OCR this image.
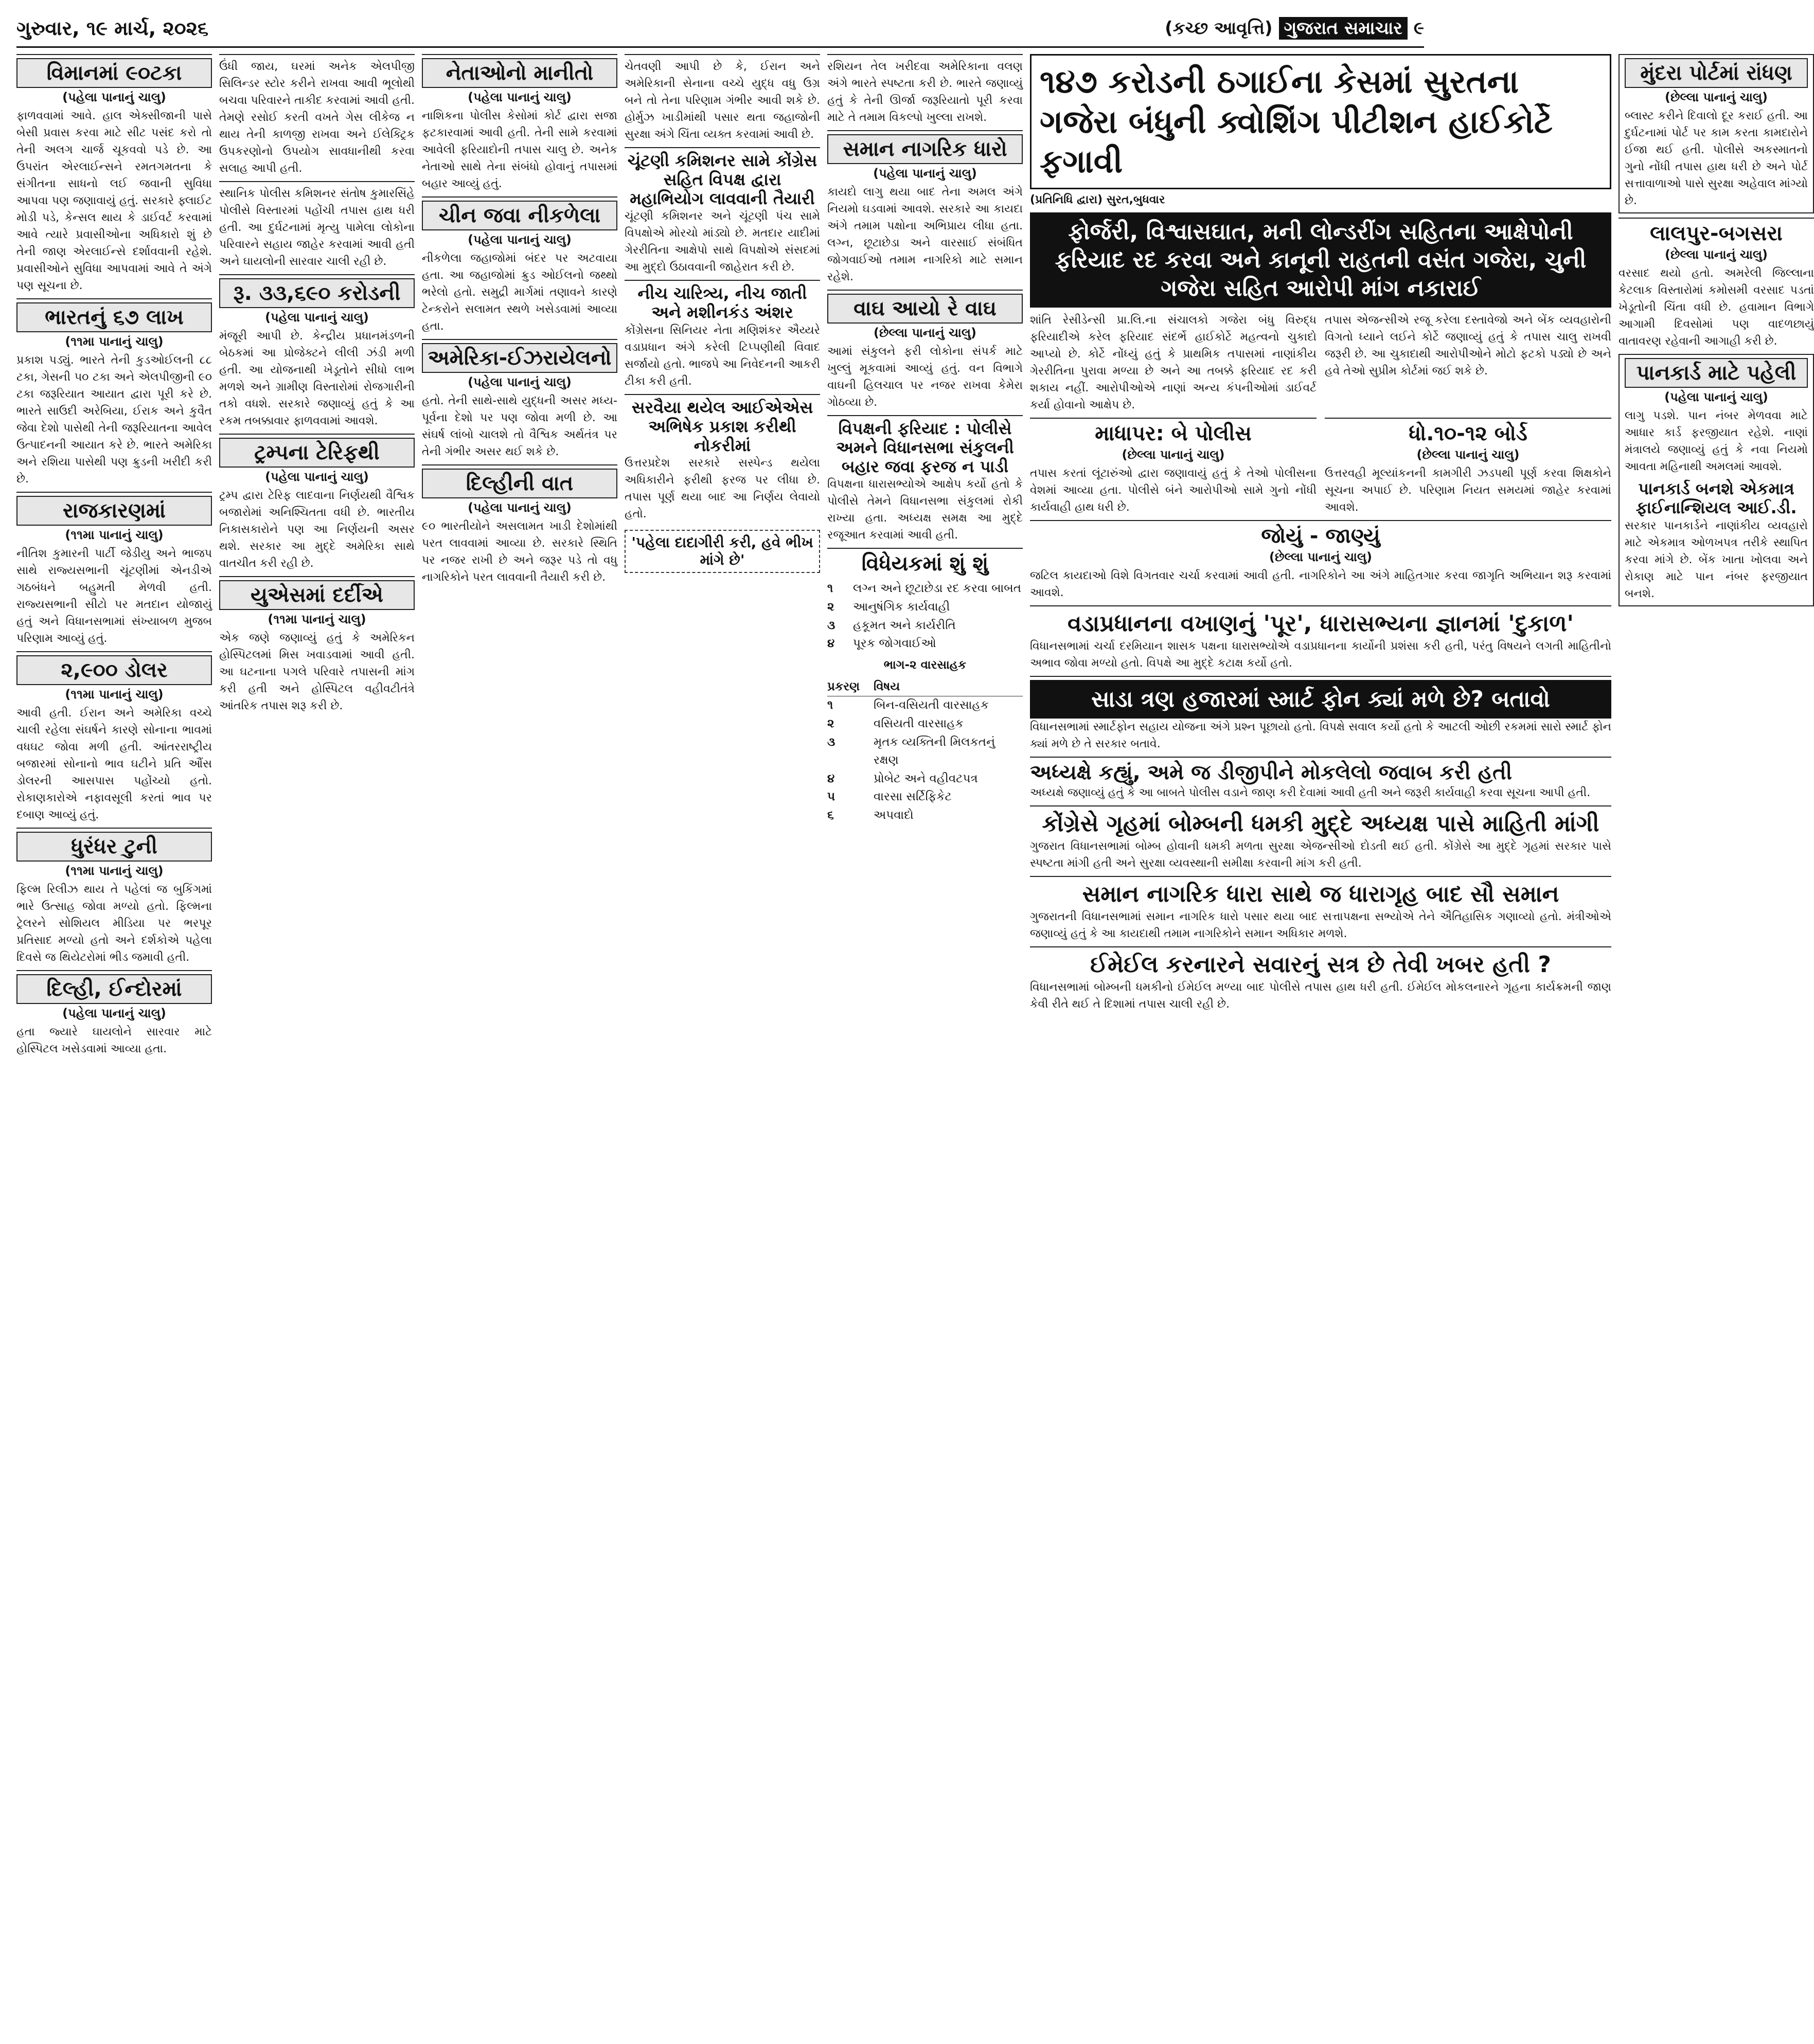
ગુરુવાર, ૧૯ માર્ચ, ૨૦૨૬	(કચ્છ આવૃત્તિ) ગુજરાત સમાચાર ૯
વિમાનમાં ૯૦ટકા
(પહેલા પાનાનું ચાલુ)
ફાળવવામાં આવે. હાલ એક્સીજાની પાસે બેસી પ્રવાસ કરવા માટે સીટ પસંદ કરો તો તેની અલગ ચાર્જ ચૂકવવો પડે છે. આ ઉપરાંત એરલાઈન્સને રમતગમતના કે સંગીતના સાધનો લઈ જવાની સુવિધા આપવા પણ જણાવાયું હતું. સરકારે ફ્લાઈટ મોડી પડે, કેન્સલ થાય કે ડાઈવર્ટ કરવામાં આવે ત્યારે પ્રવાસીઓના અધિકારો શું છે તેની જાણ એરલાઈન્સે દર્શાવવાની રહેશે. પ્રવાસીઓને સુવિધા આપવામાં આવે તે અંગે પણ સૂચના છે.
ભારતનું ૬૭ લાખ
(૧૧મા પાનાનું ચાલુ)
પ્રકાશ પડ્યું. ભારતે તેની કુડઓઈલની ૮૮ ટકા, ગેસની ૫૦ ટકા અને એલપીજીની ૯૦ ટકા જરૂરિયાત આયાત દ્વારા પૂરી કરે છે. ભારતે સાઉદી અરેબિયા, ઈરાક અને કુવૈત જેવા દેશો પાસેથી તેની જરૂરિયાતના આવેલ ઉત્પાદનની આયાત કરે છે. ભારતે અમેરિકા અને રશિયા પાસેથી પણ ક્રુડની ખરીદી કરી છે.
રાજકારણમાં
(૧૧મા પાનાનું ચાલુ)
નીતિશ કુમારની પાર્ટી જેડીયુ અને ભાજપ સાથે રાજ્યસભાની ચૂંટણીમાં એનડીએ ગઠબંધને બહુમતી મેળવી હતી. રાજ્યસભાની સીટો પર મતદાન યોજાયું હતું અને વિધાનસભામાં સંખ્યાબળ મુજબ પરિણામ આવ્યું હતું.
૨,૯૦૦ ડોલર
(૧૧મા પાનાનું ચાલુ)
આવી હતી. ઈરાન અને અમેરિકા વચ્ચે ચાલી રહેલા સંઘર્ષને કારણે સોનાના ભાવમાં વધઘટ જોવા મળી હતી. આંતરરાષ્ટ્રીય બજારમાં સોનાનો ભાવ ઘટીને પ્રતિ ઔંસ ડોલરની આસપાસ પહોંચ્યો હતો. રોકાણકારોએ નફાવસૂલી કરતાં ભાવ પર દબાણ આવ્યું હતું.
ધુરંધર ટુની
(૧૧મા પાનાનું ચાલુ)
ફિલ્મ રિલીઝ થાય તે પહેલાં જ બુકિંગમાં ભારે ઉત્સાહ જોવા મળ્યો હતો. ફિલ્મના ટ્રેલરને સોશિયલ મીડિયા પર ભરપૂર પ્રતિસાદ મળ્યો હતો અને દર્શકોએ પહેલા દિવસે જ થિયેટરોમાં ભીડ જમાવી હતી.
દિલ્હી, ઈન્દોરમાં
(પહેલા પાનાનું ચાલુ)
હતા જ્યારે ઘાયલોને સારવાર માટે હોસ્પિટલ ખસેડવામાં આવ્યા હતા.
ઉંધી જાય, ઘરમાં અનેક એલપીજી સિલિન્ડર સ્ટોર કરીને રાખવા આવી ભૂલોથી બચવા પરિવારને તાકીદ કરવામાં આવી હતી. તેમણે રસોઈ કરતી વખતે ગેસ લીકેજ ન થાય તેની કાળજી રાખવા અને ઈલેક્ટ્રિક ઉપકરણોનો ઉપયોગ સાવધાનીથી કરવા સલાહ આપી હતી.
સ્થાનિક પોલીસ કમિશનર સંતોષ કુમારસિંહે પોલીસે વિસ્તારમાં પહોંચી તપાસ હાથ ધરી હતી. આ દુર્ઘટનામાં મૃત્યુ પામેલા લોકોના પરિવારને સહાય જાહેર કરવામાં આવી હતી અને ઘાયલોની સારવાર ચાલી રહી છે.
રૂ. ૩૩,૬૯૦ કરોડની
(પહેલા પાનાનું ચાલુ)
મંજૂરી આપી છે. કેન્દ્રીય પ્રધાનમંડળની બેઠકમાં આ પ્રોજેક્ટને લીલી ઝંડી મળી હતી. આ યોજનાથી ખેડૂતોને સીધો લાભ મળશે અને ગ્રામીણ વિસ્તારોમાં રોજગારીની તકો વધશે. સરકારે જણાવ્યું હતું કે આ રકમ તબક્કાવાર ફાળવવામાં આવશે.
ટ્રમ્પના ટેરિફથી
(પહેલા પાનાનું ચાલુ)
ટ્રમ્પ દ્વારા ટેરિફ લાદવાના નિર્ણયથી વૈશ્વિક બજારોમાં અનિશ્ચિતતા વધી છે. ભારતીય નિકાસકારોને પણ આ નિર્ણયની અસર થશે. સરકાર આ મુદ્દે અમેરિકા સાથે વાતચીત કરી રહી છે.
યુએસમાં દર્દીએ
(૧૧મા પાનાનું ચાલુ)
એક જણે જણાવ્યું હતું કે અમેરિકન હોસ્પિટલમાં મિસ ખવાડવામાં આવી હતી. આ ઘટનાના પગલે પરિવારે તપાસની માંગ કરી હતી અને હોસ્પિટલ વહીવટીતંત્રે આંતરિક તપાસ શરૂ કરી છે.
નેતાઓનો માનીતો
(પહેલા પાનાનું ચાલુ)
નાશિકના પોલીસ કેસોમાં કોર્ટ દ્વારા સજા ફટકારવામાં આવી હતી. તેની સામે કરવામાં આવેલી ફરિયાદોની તપાસ ચાલુ છે. અનેક નેતાઓ સાથે તેના સંબંધો હોવાનું તપાસમાં બહાર આવ્યું હતું.
ચીન જવા નીકળેલા
(પહેલા પાનાનું ચાલુ)
નીકળેલા જહાજોમાં બંદર પર અટવાયા હતા. આ જહાજોમાં ક્રુડ ઓઈલનો જથ્થો ભરેલો હતો. સમુદ્રી માર્ગમાં તણાવને કારણે ટેન્કરોને સલામત સ્થળે ખસેડવામાં આવ્યા હતા.
અમેરિકા-ઈઝરાયેલનો
(પહેલા પાનાનું ચાલુ)
હતો. તેની સાથે-સાથે યુદ્ધની અસર મધ્ય-પૂર્વના દેશો પર પણ જોવા મળી છે. આ સંઘર્ષ લાંબો ચાલશે તો વૈશ્વિક અર્થતંત્ર પર તેની ગંભીર અસર થઈ શકે છે.
દિલ્હીની વાત
(પહેલા પાનાનું ચાલુ)
૯૦ ભારતીયોને અસલામત ખાડી દેશોમાંથી પરત લાવવામાં આવ્યા છે. સરકારે સ્થિતિ પર નજર રાખી છે અને જરૂર પડે તો વધુ નાગરિકોને પરત લાવવાની તૈયારી કરી છે.
ચેતવણી આપી છે કે, ઈરાન અને અમેરિકાની સેનાના વચ્ચે યુદ્ધ વધુ ઉગ્ર બને તો તેના પરિણામ ગંભીર આવી શકે છે. હોર્મુઝ ખાડીમાંથી પસાર થતા જહાજોની સુરક્ષા અંગે ચિંતા વ્યક્ત કરવામાં આવી છે.
ચૂંટણી કમિશનર સામે કોંગ્રેસ સહિત વિપક્ષ દ્વારા મહાભિયોગ લાવવાની તૈયારી
ચૂંટણી કમિશનર અને ચૂંટણી પંચ સામે વિપક્ષોએ મોરચો માંડ્યો છે. મતદાર યાદીમાં ગેરરીતિના આક્ષેપો સાથે વિપક્ષોએ સંસદમાં આ મુદ્દો ઉઠાવવાની જાહેરાત કરી છે.
નીચ ચારિત્ર્ય, નીચ જાતી અને મશીનકંડ અંશર
કોંગ્રેસના સિનિયર નેતા મણિશંકર ઐય્યરે વડાપ્રધાન અંગે કરેલી ટિપ્પણીથી વિવાદ સર્જાયો હતો. ભાજપે આ નિવેદનની આકરી ટીકા કરી હતી.
સરવૈયા થયેલ આઈએએસ અભિષેક પ્રકાશ કરીથી નોકરીમાં
ઉત્તરપ્રદેશ સરકારે સસ્પેન્ડ થયેલા અધિકારીને ફરીથી ફરજ પર લીધા છે. તપાસ પૂર્ણ થયા બાદ આ નિર્ણય લેવાયો હતો.
'પહેલા દાદાગીરી કરી, હવે ભીખ માંગે છે'
રશિયન તેલ ખરીદવા અમેરિકાના વલણ અંગે ભારતે સ્પષ્ટતા કરી છે. ભારતે જણાવ્યું હતું કે તેની ઊર્જા જરૂરિયાતો પૂરી કરવા માટે તે તમામ વિકલ્પો ખુલ્લા રાખશે.
સમાન નાગરિક ધારો
(પહેલા પાનાનું ચાલુ)
કાયદો લાગુ થયા બાદ તેના અમલ અંગે નિયમો ઘડવામાં આવશે. સરકારે આ કાયદા અંગે તમામ પક્ષોના અભિપ્રાય લીધા હતા. લગ્ન, છૂટાછેડા અને વારસાઈ સંબંધિત જોગવાઈઓ તમામ નાગરિકો માટે સમાન રહેશે.
વાઘ આયો રે વાઘ
(છેલ્લા પાનાનું ચાલુ)
આમાં સંકુલને ફરી લોકોના સંપર્ક માટે ખુલ્લું મૂકવામાં આવ્યું હતું. વન વિભાગે વાઘની હિલચાલ પર નજર રાખવા કેમેરા ગોઠવ્યા છે.
વિપક્ષની ફરિયાદ : પોલીસે અમને વિધાનસભા સંકુલની બહાર જવા ફરજ ન પાડી
વિપક્ષના ધારાસભ્યોએ આક્ષેપ કર્યો હતો કે પોલીસે તેમને વિધાનસભા સંકુલમાં રોકી રાખ્યા હતા. અધ્યક્ષ સમક્ષ આ મુદ્દે રજૂઆત કરવામાં આવી હતી.
વિધેયકમાં શું શું
૧	લગ્ન અને છૂટાછેડા રદ કરવા બાબત
૨	આનુષંગિક કાર્યવાહી
૩	હકૂમત અને કાર્યરીતિ
૪	પૂરક જોગવાઈઓ
ભાગ-૨ વારસાહક
પ્રકરણ	વિષય
૧	બિન-વસિયતી વારસાહક
૨	વસિયતી વારસાહક
૩	મૃતક વ્યક્તિની મિલકતનું રક્ષણ
૪	પ્રોબેટ અને વહીવટપત્ર
૫	વારસા સર્ટિફિકેટ
૬	અપવાદો
૧૪૭ કરોડની ઠગાઈના કેસમાં સુરતના ગજેરા બંધુની ક્વોશિંગ પીટીશન હાઈકોર્ટે ફગાવી
(પ્રતિનિધિ દ્વારા) સુરત,બુધવાર
ફોર્જરી, વિશ્વાસઘાત, મની લોન્ડરીંગ સહિતના આક્ષેપોની ફરિયાદ રદ કરવા અને કાનૂની રાહતની વસંત ગજેરા, ચુની ગજેરા સહિત આરોપી માંગ નકારાઈ
શાંતિ રેસીડેન્સી પ્રા.લિ.ના સંચાલકો ગજેરા બંધુ વિરુદ્ધ ફરિયાદીએ કરેલ ફરિયાદ સંદર્ભે હાઈકોર્ટે મહત્વનો ચુકાદો આપ્યો છે. કોર્ટે નોંધ્યું હતું કે પ્રાથમિક તપાસમાં નાણાંકીય ગેરરીતિના પુરાવા મળ્યા છે અને આ તબક્કે ફરિયાદ રદ કરી શકાય નહીં. આરોપીઓએ નાણાં અન્ય કંપનીઓમાં ડાઈવર્ટ કર્યા હોવાનો આક્ષેપ છે.
તપાસ એજન્સીએ રજૂ કરેલા દસ્તાવેજો અને બેંક વ્યવહારોની વિગતો ધ્યાને લઈને કોર્ટે જણાવ્યું હતું કે તપાસ ચાલુ રાખવી જરૂરી છે. આ ચુકાદાથી આરોપીઓને મોટો ફટકો પડ્યો છે અને હવે તેઓ સુપ્રીમ કોર્ટમાં જઈ શકે છે.
માધાપર: બે પોલીસ
(છેલ્લા પાનાનું ચાલુ)
તપાસ કરતાં લૂંટારુંઓ દ્વારા જણાવાયું હતું કે તેઓ પોલીસના વેશમાં આવ્યા હતા. પોલીસે બંને આરોપીઓ સામે ગુનો નોંધી કાર્યવાહી હાથ ધરી છે.
ધો.૧૦-૧૨ બોર્ડ
(છેલ્લા પાનાનું ચાલુ)
ઉત્તરવહી મૂલ્યાંકનની કામગીરી ઝડપથી પૂર્ણ કરવા શિક્ષકોને સૂચના અપાઈ છે. પરિણામ નિયત સમયમાં જાહેર કરવામાં આવશે.
જોયું - જાણ્યું
(છેલ્લા પાનાનું ચાલુ)
જટિલ કાયદાઓ વિશે વિગતવાર ચર્ચા કરવામાં આવી હતી. નાગરિકોને આ અંગે માહિતગાર કરવા જાગૃતિ અભિયાન શરૂ કરવામાં આવશે.
વડાપ્રધાનના વખાણનું 'પૂર', ધારાસભ્યના જ્ઞાનમાં 'દુકાળ'
વિધાનસભામાં ચર્ચા દરમિયાન શાસક પક્ષના ધારાસભ્યોએ વડાપ્રધાનના કાર્યોની પ્રશંસા કરી હતી, પરંતુ વિષયને લગતી માહિતીનો અભાવ જોવા મળ્યો હતો. વિપક્ષે આ મુદ્દે કટાક્ષ કર્યો હતો.
સાડા ત્રણ હજારમાં સ્માર્ટ ફોન ક્યાં મળે છે? બતાવો
વિધાનસભામાં સ્માર્ટફોન સહાય યોજના અંગે પ્રશ્ન પૂછાયો હતો. વિપક્ષે સવાલ કર્યો હતો કે આટલી ઓછી રકમમાં સારો સ્માર્ટ ફોન ક્યાં મળે છે તે સરકાર બતાવે.
અધ્યક્ષે કહ્યું, અમે જ ડીજીપીને મોકલેલો જવાબ કરી હતી
અધ્યક્ષે જણાવ્યું હતું કે આ બાબતે પોલીસ વડાને જાણ કરી દેવામાં આવી હતી અને જરૂરી કાર્યવાહી કરવા સૂચના આપી હતી.
કોંગ્રેસે ગૃહમાં બોમ્બની ધમકી મુદ્દે અધ્યક્ષ પાસે માહિતી માંગી
ગુજરાત વિધાનસભામાં બોમ્બ હોવાની ધમકી મળતા સુરક્ષા એજન્સીઓ દોડતી થઈ હતી. કોંગ્રેસે આ મુદ્દે ગૃહમાં સરકાર પાસે સ્પષ્ટતા માંગી હતી અને સુરક્ષા વ્યવસ્થાની સમીક્ષા કરવાની માંગ કરી હતી.
સમાન નાગરિક ધારા સાથે જ ધારાગૃહ બાદ સૌ સમાન
ગુજરાતની વિધાનસભામાં સમાન નાગરિક ધારો પસાર થયા બાદ સત્તાપક્ષના સભ્યોએ તેને ઐતિહાસિક ગણાવ્યો હતો. મંત્રીઓએ જણાવ્યું હતું કે આ કાયદાથી તમામ નાગરિકોને સમાન અધિકાર મળશે.
ઈમેઈલ કરનારને સવારનું સત્ર છે તેવી ખબર હતી ?
વિધાનસભામાં બોમ્બની ધમકીનો ઈમેઈલ મળ્યા બાદ પોલીસે તપાસ હાથ ધરી હતી. ઈમેઈલ મોકલનારને ગૃહના કાર્યક્રમની જાણ કેવી રીતે થઈ તે દિશામાં તપાસ ચાલી રહી છે.
મુંદરા પોર્ટમાં રાંધણ
(છેલ્લા પાનાનું ચાલુ)
બ્લાસ્ટ કરીને દિવાલો દૂર કરાઈ હતી. આ દુર્ઘટનામાં પોર્ટ પર કામ કરતા કામદારોને ઈજા થઈ હતી. પોલીસે અકસ્માતનો ગુનો નોંધી તપાસ હાથ ધરી છે અને પોર્ટ સત્તાવાળાઓ પાસે સુરક્ષા અહેવાલ માંગ્યો છે.
લાલપુર-બગસરા
(છેલ્લા પાનાનું ચાલુ)
વરસાદ થયો હતો. અમરેલી જિલ્લાના કેટલાક વિસ્તારોમાં કમોસમી વરસાદ પડતાં ખેડૂતોની ચિંતા વધી છે. હવામાન વિભાગે આગામી દિવસોમાં પણ વાદળછાયું વાતાવરણ રહેવાની આગાહી કરી છે.
પાનકાર્ડ માટે પહેલી
(પહેલા પાનાનું ચાલુ)
લાગુ પડશે. પાન નંબર મેળવવા માટે આધાર કાર્ડ ફરજીયાત રહેશે. નાણાં મંત્રાલયે જણાવ્યું હતું કે નવા નિયમો આવતા મહિનાથી અમલમાં આવશે.
પાનકાર્ડ બનશે એકમાત્ર ફાઈનાન્શિયલ આઈ.ડી.
સરકાર પાનકાર્ડને નાણાંકીય વ્યવહારો માટે એકમાત્ર ઓળખપત્ર તરીકે સ્થાપિત કરવા માંગે છે. બેંક ખાતા ખોલવા અને રોકાણ માટે પાન નંબર ફરજીયાત બનશે.
